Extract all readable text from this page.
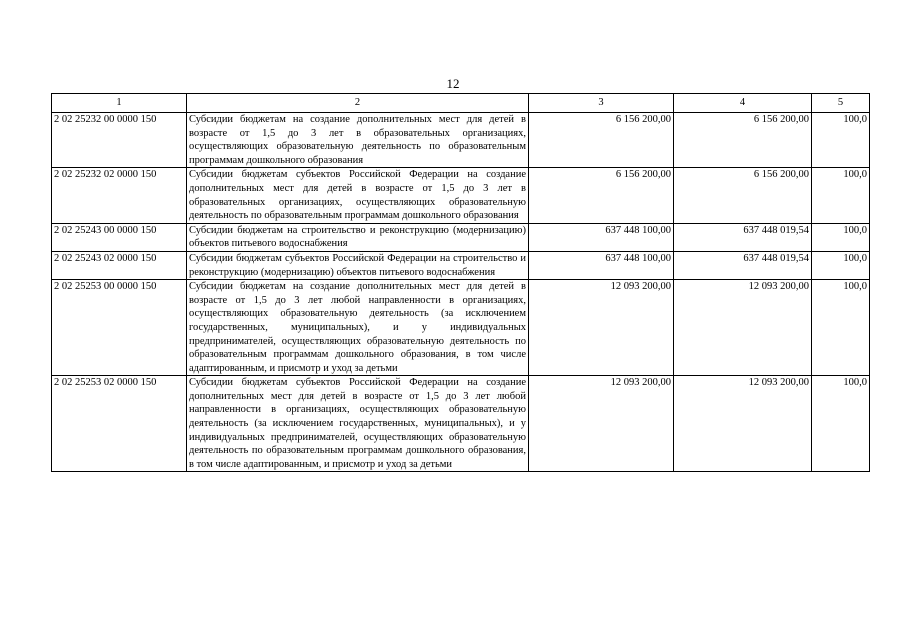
12
1	2	3	4	5
2 02 25232 00 0000 150	Субсидии бюджетам на создание дополнительных мест для детей в возрасте от 1,5 до 3 лет в образовательных организациях, осуществляющих образовательную деятельность по образовательным программам дошкольного образования	6 156 200,00	6 156 200,00	100,0
2 02 25232 02 0000 150	Субсидии бюджетам субъектов Российской Федерации на создание дополнительных мест для детей в возрасте от 1,5 до 3 лет в образовательных организациях, осуществляющих образовательную деятельность по образовательным программам дошкольного образования	6 156 200,00	6 156 200,00	100,0
2 02 25243 00 0000 150	Субсидии бюджетам на строительство и реконструкцию (модернизацию) объектов питьевого водоснабжения	637 448 100,00	637 448 019,54	100,0
2 02 25243 02 0000 150	Субсидии бюджетам субъектов Российской Федерации на строительство и реконструкцию (модернизацию) объектов питьевого водоснабжения	637 448 100,00	637 448 019,54	100,0
2 02 25253 00 0000 150	Субсидии бюджетам на создание дополнительных мест для детей в возрасте от 1,5 до 3 лет любой направленности в организациях, осуществляющих образовательную деятельность (за исключением государственных, муниципальных), и у индивидуальных предпринимателей, осуществляющих образовательную деятельность по образовательным программам дошкольного образования, в том числе адаптированным, и присмотр и уход за детьми	12 093 200,00	12 093 200,00	100,0
2 02 25253 02 0000 150	Субсидии бюджетам субъектов Российской Федерации на создание дополнительных мест для детей в возрасте от 1,5 до 3 лет любой направленности в организациях, осуществляющих образовательную деятельность (за исключением государственных, муниципальных), и у индивидуальных предпринимателей, осуществляющих образовательную деятельность по образовательным программам дошкольного образования, в том числе адаптированным, и присмотр и уход за детьми	12 093 200,00	12 093 200,00	100,0
